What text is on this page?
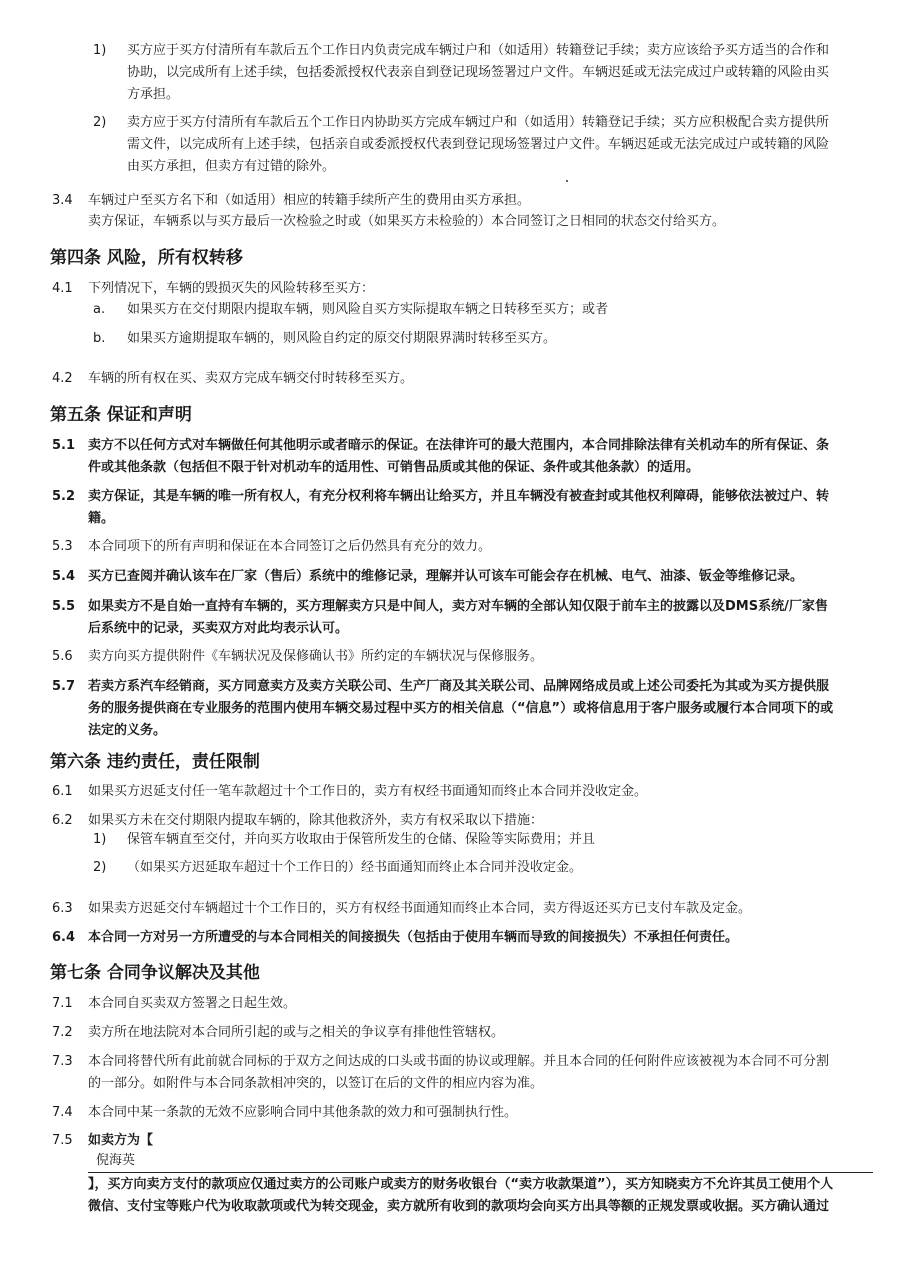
1) 买方应于买方付清所有车款后五个工作日内负责完成车辆过户和（如适用）转籍登记手续；卖方应该给予买方适当的合作和
协助，以完成所有上述手续，包括委派授权代表亲自到登记现场签署过户文件。车辆迟延或无法完成过户或转籍的风险由买
方承担。
2) 卖方应于买方付清所有车款后五个工作日内协助买方完成车辆过户和（如适用）转籍登记手续；买方应积极配合卖方提供所
需文件，以完成所有上述手续，包括亲自或委派授权代表到登记现场签署过户文件。车辆迟延或无法完成过户或转籍的风险
由买方承担，但卖方有过错的除外。
3.4 车辆过户至买方名下和（如适用）相应的转籍手续所产生的费用由买方承担。
卖方保证，车辆系以与买方最后一次检验之时或（如果买方未检验的）本合同签订之日相同的状态交付给买方。
第四条 风险，所有权转移
4.1 下列情况下，车辆的毁损灭失的风险转移至买方：
a. 如果买方在交付期限内提取车辆，则风险自买方实际提取车辆之日转移至买方；或者
b. 如果买方逾期提取车辆的，则风险自约定的原交付期限界满时转移至买方。
4.2 车辆的所有权在买、卖双方完成车辆交付时转移至买方。
第五条 保证和声明
5.1 卖方不以任何方式对车辆做任何其他明示或者暗示的保证。在法律许可的最大范围内，本合同排除法律有关机动车的所有保证、条
件或其他条款（包括但不限于针对机动车的适用性、可销售品质或其他的保证、条件或其他条款）的适用。
5.2 卖方保证，其是车辆的唯一所有权人，有充分权利将车辆出让给买方，并且车辆没有被查封或其他权利障碍，能够依法被过户、转
籍。
5.3 本合同项下的所有声明和保证在本合同签订之后仍然具有充分的效力。
5.4 买方已查阅并确认该车在厂家（售后）系统中的维修记录，理解并认可该车可能会存在机械、电气、油漆、钣金等维修记录。
5.5 如果卖方不是自始一直持有车辆的，买方理解卖方只是中间人，卖方对车辆的全部认知仅限于前车主的披露以及DMS系统/厂家售
后系统中的记录，买卖双方对此均表示认可。
5.6 卖方向买方提供附件《车辆状况及保修确认书》所约定的车辆状况与保修服务。
5.7 若卖方系汽车经销商，买方同意卖方及卖方关联公司、生产厂商及其关联公司、品牌网络成员或上述公司委托为其或为买方提供服
务的服务提供商在专业服务的范围内使用车辆交易过程中买方的相关信息（“信息”）或将信息用于客户服务或履行本合同项下的或
法定的义务。
第六条 违约责任，责任限制
6.1 如果买方迟延支付任一笔车款超过十个工作日的，卖方有权经书面通知而终止本合同并没收定金。
6.2 如果买方未在交付期限内提取车辆的，除其他救济外，卖方有权采取以下措施：
1) 保管车辆直至交付，并向买方收取由于保管所发生的仓储、保险等实际费用；并且
2) （如果买方迟延取车超过十个工作日的）经书面通知而终止本合同并没收定金。
6.3 如果卖方迟延交付车辆超过十个工作日的，买方有权经书面通知而终止本合同，卖方得返还买方已支付车款及定金。
6.4 本合同一方对另一方所遭受的与本合同相关的间接损失（包括由于使用车辆而导致的间接损失）不承担任何责任。
第七条 合同争议解决及其他
7.1 本合同自买卖双方签署之日起生效。
7.2 卖方所在地法院对本合同所引起的或与之相关的争议享有排他性管辖权。
7.3 本合同将替代所有此前就合同标的于双方之间达成的口头或书面的协议或理解。并且本合同的任何附件应该被视为本合同不可分割
的一部分。如附件与本合同条款相冲突的，以签订在后的文件的相应内容为准。
7.4 本合同中某一条款的无效不应影响合同中其他条款的效力和可强制执行性。
7.5 如卖方为【
倪海英
】，买方向卖方支付的款项应仅通过卖方的公司账户或卖方的财务收银台（“卖方收款渠道”），买方知晓卖方不允许其员工使用个人
微信、支付宝等账户代为收取款项或代为转交现金，卖方就所有收到的款项均会向买方出具等额的正规发票或收据。买方确认通过
